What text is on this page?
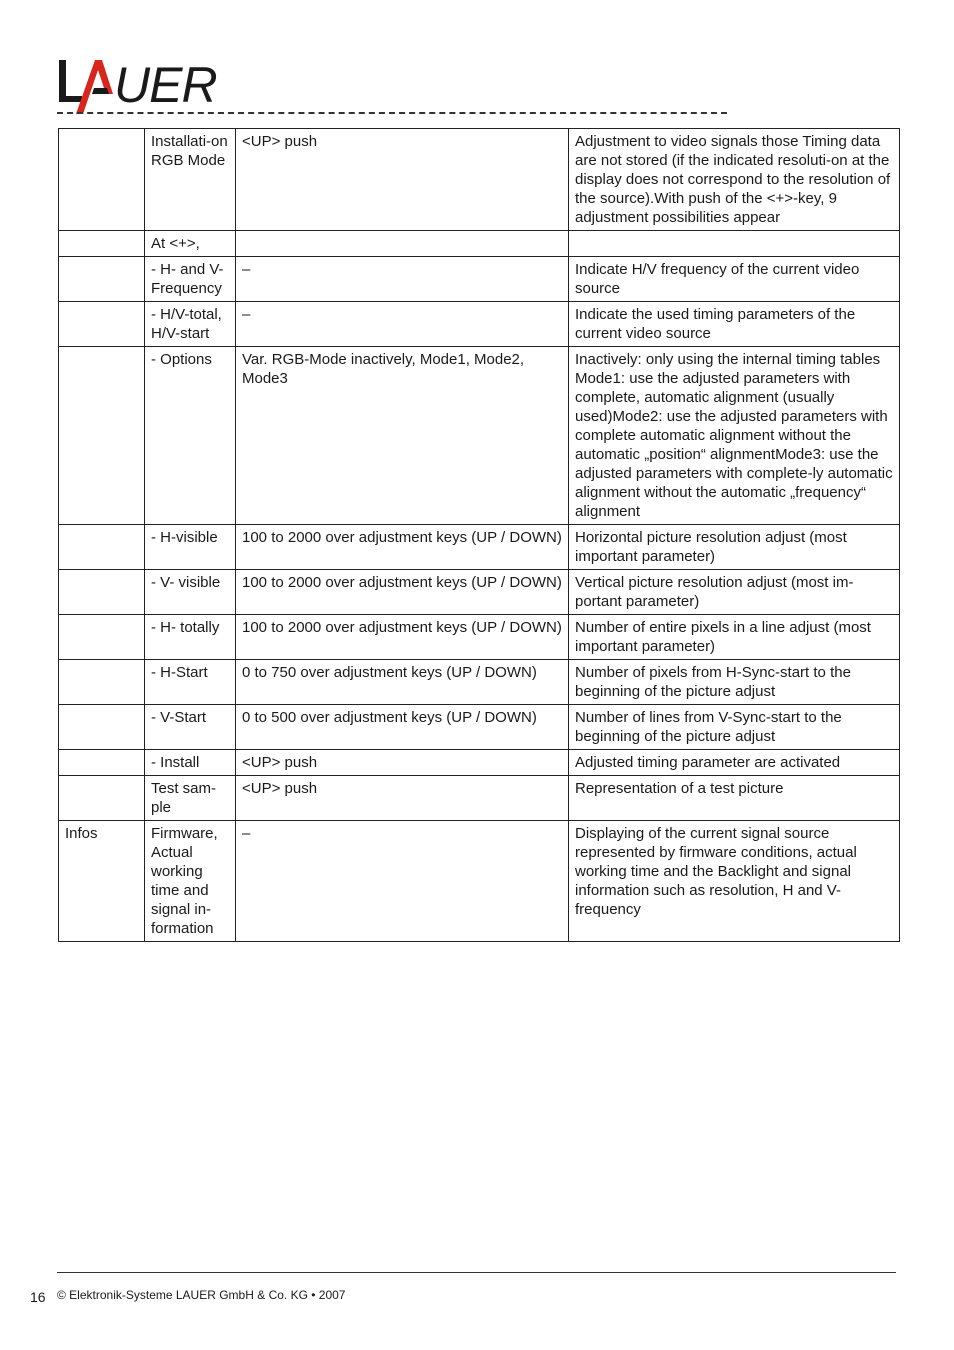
UER
	Installati-on RGB Mode	<UP> push	Adjustment to video signals those Timing data are not stored (if the indicated resoluti-on at the display does not correspond to the resolution of the source).With push of the <+>-key, 9 adjustment possibilities appear
	At <+>,		
	- H- and V-Frequency	–	Indicate H/V frequency of the current video source
	- H/V-total, H/V-start	–	Indicate the used timing parameters of the current video source
	- Options	Var. RGB-Mode inactively, Mode1, Mode2, Mode3	Inactively: only using the internal timing tables Mode1: use the adjusted parameters with complete, automatic alignment (usually used)Mode2: use the adjusted parameters with complete automatic alignment without the automatic „position“ alignmentMode3: use the adjusted parameters with complete-ly automatic alignment without the automatic „frequency“ alignment
	- H-visible	100 to 2000 over adjustment keys (UP / DOWN)	Horizontal picture resolution adjust (most important parameter)
	- V- visible	100 to 2000 over adjustment keys (UP / DOWN)	Vertical picture resolution adjust (most im-portant parameter)
	- H- totally	100 to 2000 over adjustment keys (UP / DOWN)	Number of entire pixels in a line adjust (most important parameter)
	- H-Start	0 to 750 over adjustment keys (UP / DOWN)	Number of pixels from H-Sync-start to the beginning of the picture adjust
	- V-Start	0 to 500 over adjustment keys (UP / DOWN)	Number of lines from V-Sync-start to the beginning of the picture adjust
	- Install	<UP> push	Adjusted timing parameter are activated
	Test sam-ple	<UP> push	Representation of a test picture
Infos	Firmware, Actual working time and signal in-formation	–	Displaying of the current signal source represented by firmware conditions, actual working time and the Backlight and signal information such as resolution, H and V-frequency
16 © Elektronik-Systeme LAUER GmbH & Co. KG • 2007
